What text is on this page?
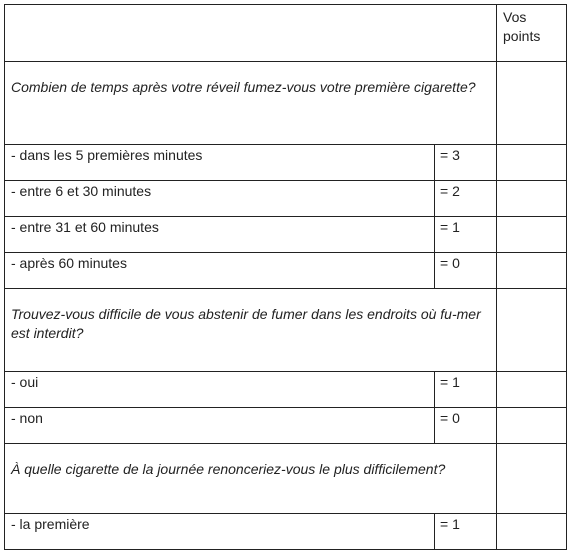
		Vos points
Combien de temps après votre réveil fumez-vous votre première cigarette?		
- dans les 5 premières minutes	= 3	
- entre 6 et 30 minutes	= 2	
- entre 31 et 60 minutes	= 1	
- après 60 minutes	= 0	
Trouvez-vous difficile de vous abstenir de fumer dans les endroits où fu-mer est interdit?		
- oui	= 1	
- non	= 0	
À quelle cigarette de la journée renonceriez-vous le plus difficilement?		
- la première	= 1	
